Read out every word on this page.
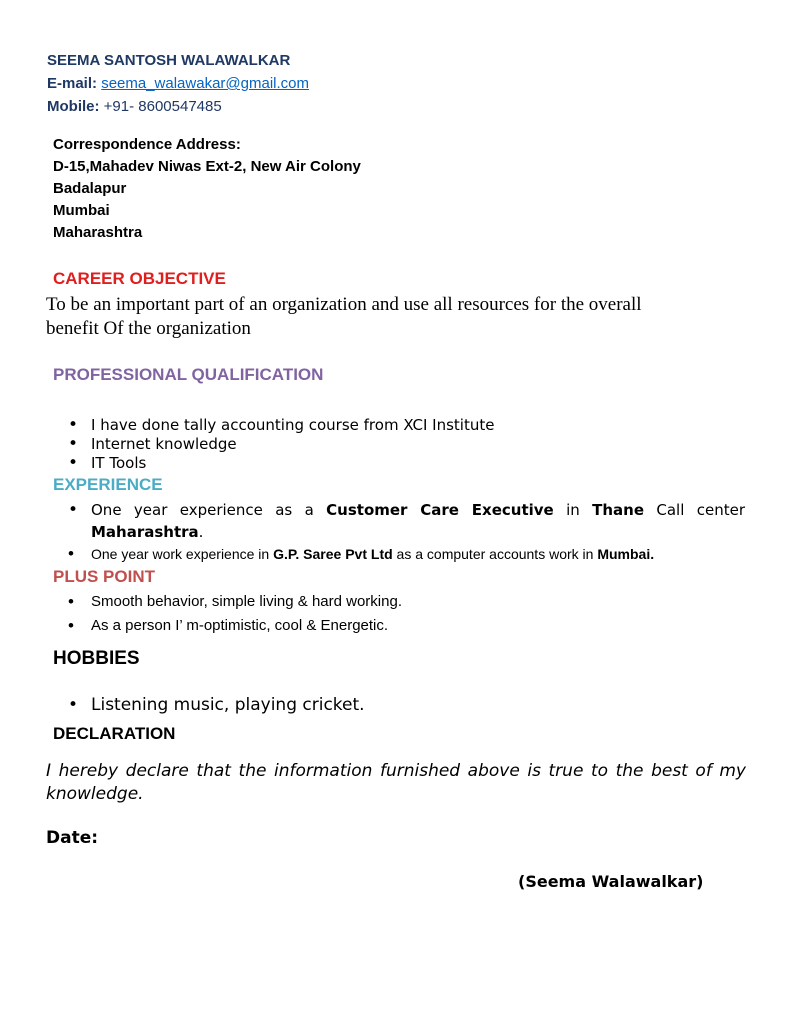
SEEMA SANTOSH WALAWALKAR
E-mail: seema_walawakar@gmail.com
Mobile: +91- 8600547485
Correspondence Address:
D-15,Mahadev Niwas Ext-2, New Air Colony
Badalapur
Mumbai
Maharashtra
CAREER OBJECTIVE
To be an important part of an organization and use all resources for the overall
benefit Of the organization
PROFESSIONAL QUALIFICATION
• I have done tally accounting course from XCI Institute
• Internet knowledge
• IT Tools
EXPERIENCE
• One year experience as a Customer Care Executive in Thane Call center Maharashtra.
• One year work experience in G.P. Saree Pvt Ltd as a computer accounts work in Mumbai.
PLUS POINT
• Smooth behavior, simple living & hard working.
• As a person I’ m-optimistic, cool & Energetic.
HOBBIES
• Listening music, playing cricket.
DECLARATION
I hereby declare that the information furnished above is true to the best of my knowledge.
Date:
(Seema Walawalkar)
